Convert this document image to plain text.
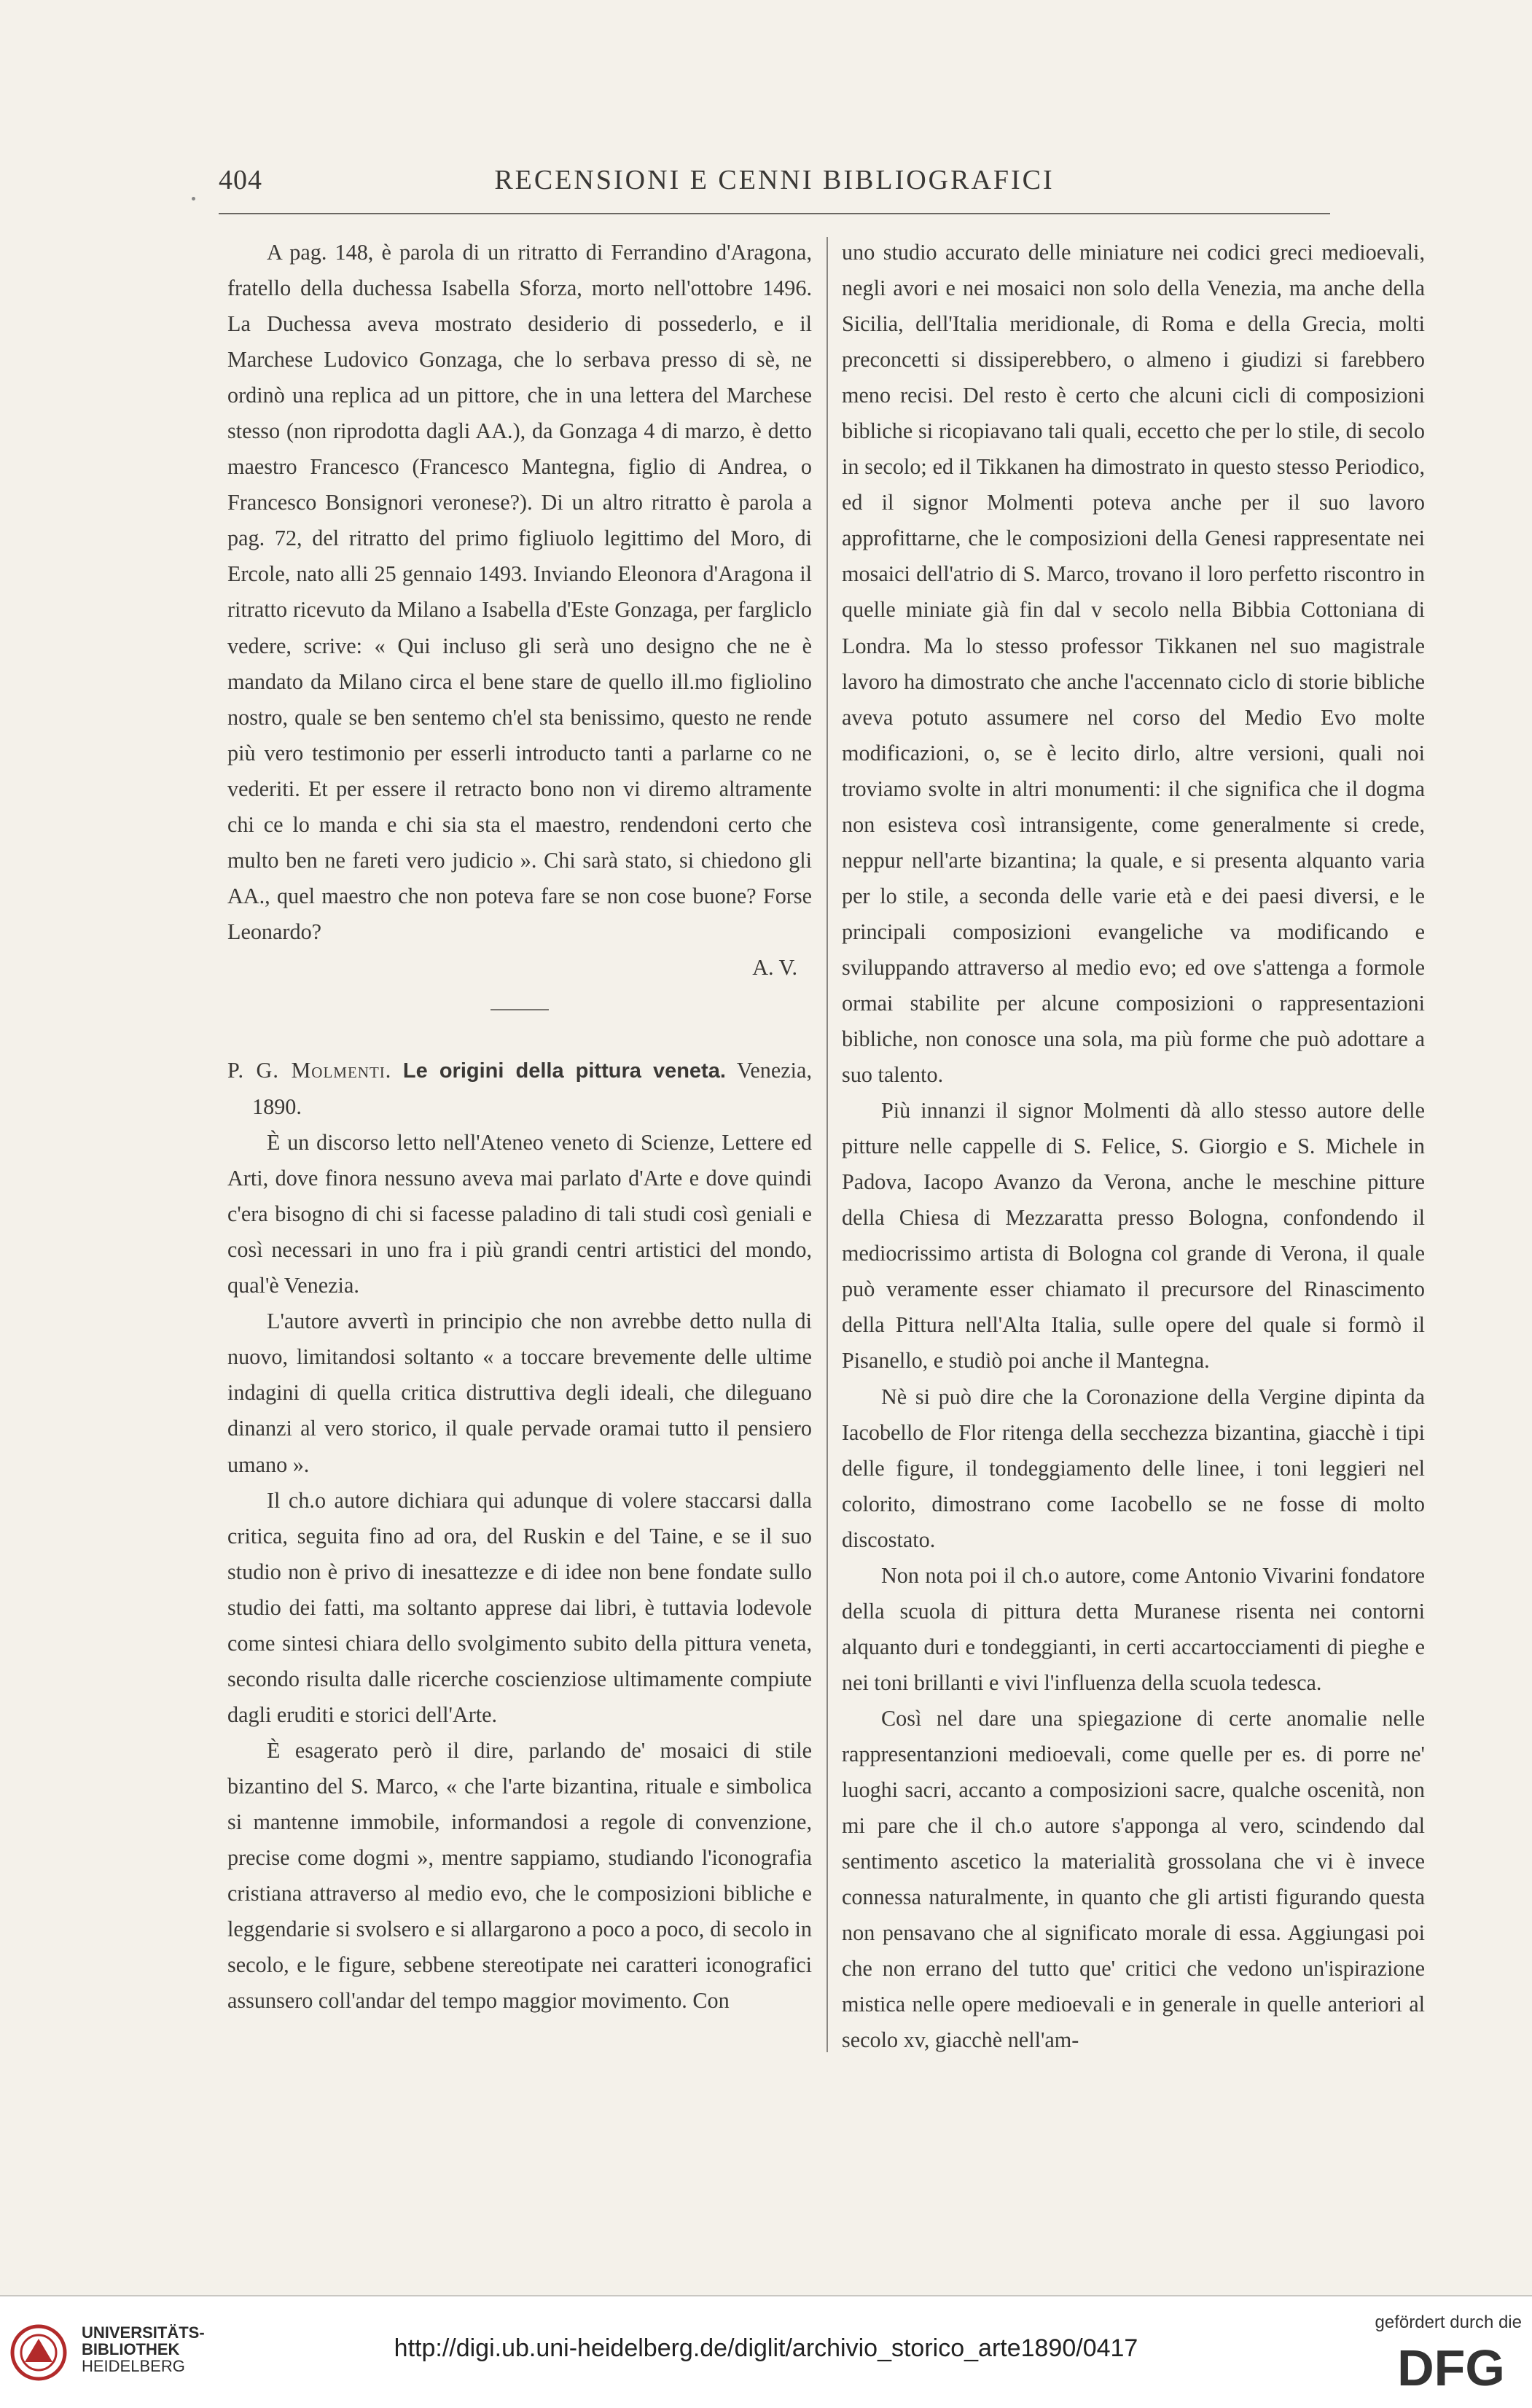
404	RECENSIONI E CENNI BIBLIOGRAFICI

A pag. 148, è parola di un ritratto di Ferrandino d'Aragona, fratello della duchessa Isabella Sforza, morto nell'ottobre 1496. La Duchessa aveva mostrato desiderio di possederlo, e il Marchese Ludovico Gonzaga, che lo serbava presso di sè, ne ordinò una replica ad un pittore, che in una lettera del Marchese stesso (non riprodotta dagli AA.), da Gonzaga 4 di marzo, è detto maestro Francesco (Francesco Mantegna, figlio di Andrea, o Francesco Bonsignori veronese?). Di un altro ritratto è parola a pag. 72, del ritratto del primo figliuolo legittimo del Moro, di Ercole, nato alli 25 gennaio 1493. Inviando Eleonora d'Aragona il ritratto ricevuto da Milano a Isabella d'Este Gonzaga, per fargliclo vedere, scrive: « Qui incluso gli serà uno designo che ne è mandato da Milano circa el bene stare de quello ill.mo figliolino nostro, quale se ben sentemo ch'el sta benissimo, questo ne rende più vero testimonio per esserli introducto tanti a parlarne co ne vederiti. Et per essere il retracto bono non vi diremo altramente chi ce lo manda e chi sia sta el maestro, rendendoni certo che multo ben ne fareti vero judicio ». Chi sarà stato, si chiedono gli AA., quel maestro che non poteva fare se non cose buone? Forse Leonardo?

A. V.

P. G. Molmenti. Le origini della pittura veneta. Venezia, 1890.

È un discorso letto nell'Ateneo veneto di Scienze, Lettere ed Arti, dove finora nessuno aveva mai parlato d'Arte e dove quindi c'era bisogno di chi si facesse paladino di tali studi così geniali e così necessari in uno fra i più grandi centri artistici del mondo, qual'è Venezia.

L'autore avvertì in principio che non avrebbe detto nulla di nuovo, limitandosi soltanto « a toccare brevemente delle ultime indagini di quella critica distruttiva degli ideali, che dileguano dinanzi al vero storico, il quale pervade oramai tutto il pensiero umano ».

Il ch.o autore dichiara qui adunque di volere staccarsi dalla critica, seguita fino ad ora, del Ruskin e del Taine, e se il suo studio non è privo di inesattezze e di idee non bene fondate sullo studio dei fatti, ma soltanto apprese dai libri, è tuttavia lodevole come sintesi chiara dello svolgimento subito della pittura veneta, secondo risulta dalle ricerche coscienziose ultimamente compiute dagli eruditi e storici dell'Arte.

È esagerato però il dire, parlando de' mosaici di stile bizantino del S. Marco, « che l'arte bizantina, rituale e simbolica si mantenne immobile, informandosi a regole di convenzione, precise come dogmi », mentre sappiamo, studiando l'iconografia cristiana attraverso al medio evo, che le composizioni bibliche e leggendarie si svolsero e si allargarono a poco a poco, di secolo in secolo, e le figure, sebbene stereotipate nei caratteri iconografici assunsero coll'andar del tempo maggior movimento. Con

uno studio accurato delle miniature nei codici greci medioevali, negli avori e nei mosaici non solo della Venezia, ma anche della Sicilia, dell'Italia meridionale, di Roma e della Grecia, molti preconcetti si dissiperebbero, o almeno i giudizi si farebbero meno recisi. Del resto è certo che alcuni cicli di composizioni bibliche si ricopiavano tali quali, eccetto che per lo stile, di secolo in secolo; ed il Tikkanen ha dimostrato in questo stesso Periodico, ed il signor Molmenti poteva anche per il suo lavoro approfittarne, che le composizioni della Genesi rappresentate nei mosaici dell'atrio di S. Marco, trovano il loro perfetto riscontro in quelle miniate già fin dal v secolo nella Bibbia Cottoniana di Londra. Ma lo stesso professor Tikkanen nel suo magistrale lavoro ha dimostrato che anche l'accennato ciclo di storie bibliche aveva potuto assumere nel corso del Medio Evo molte modificazioni, o, se è lecito dirlo, altre versioni, quali noi troviamo svolte in altri monumenti: il che significa che il dogma non esisteva così intransigente, come generalmente si crede, neppur nell'arte bizantina; la quale, e si presenta alquanto varia per lo stile, a seconda delle varie età e dei paesi diversi, e le principali composizioni evangeliche va modificando e sviluppando attraverso al medio evo; ed ove s'attenga a formole ormai stabilite per alcune composizioni o rappresentazioni bibliche, non conosce una sola, ma più forme che può adottare a suo talento.

Più innanzi il signor Molmenti dà allo stesso autore delle pitture nelle cappelle di S. Felice, S. Giorgio e S. Michele in Padova, Iacopo Avanzo da Verona, anche le meschine pitture della Chiesa di Mezzaratta presso Bologna, confondendo il mediocrissimo artista di Bologna col grande di Verona, il quale può veramente esser chiamato il precursore del Rinascimento della Pittura nell'Alta Italia, sulle opere del quale si formò il Pisanello, e studiò poi anche il Mantegna.

Nè si può dire che la Coronazione della Vergine dipinta da Iacobello de Flor ritenga della secchezza bizantina, giacchè i tipi delle figure, il tondeggiamento delle linee, i toni leggieri nel colorito, dimostrano come Iacobello se ne fosse di molto discostato.

Non nota poi il ch.o autore, come Antonio Vivarini fondatore della scuola di pittura detta Muranese risenta nei contorni alquanto duri e tondeggianti, in certi accartocciamenti di pieghe e nei toni brillanti e vivi l'influenza della scuola tedesca.

Così nel dare una spiegazione di certe anomalie nelle rappresentanzioni medioevali, come quelle per es. di porre ne' luoghi sacri, accanto a composizioni sacre, qualche oscenità, non mi pare che il ch.o autore s'apponga al vero, scindendo dal sentimento ascetico la materialità grossolana che vi è invece connessa naturalmente, in quanto che gli artisti figurando questa non pensavano che al significato morale di essa. Aggiungasi poi che non errano del tutto que' critici che vedono un'ispirazione mistica nelle opere medioevali e in generale in quelle anteriori al secolo xv, giacchè nell'am-

UNIVERSITÄTS-
BIBLIOTHEK
HEIDELBERG
http://digi.ub.uni-heidelberg.de/diglit/archivio_storico_arte1890/0417
gefördert durch die
DFG
